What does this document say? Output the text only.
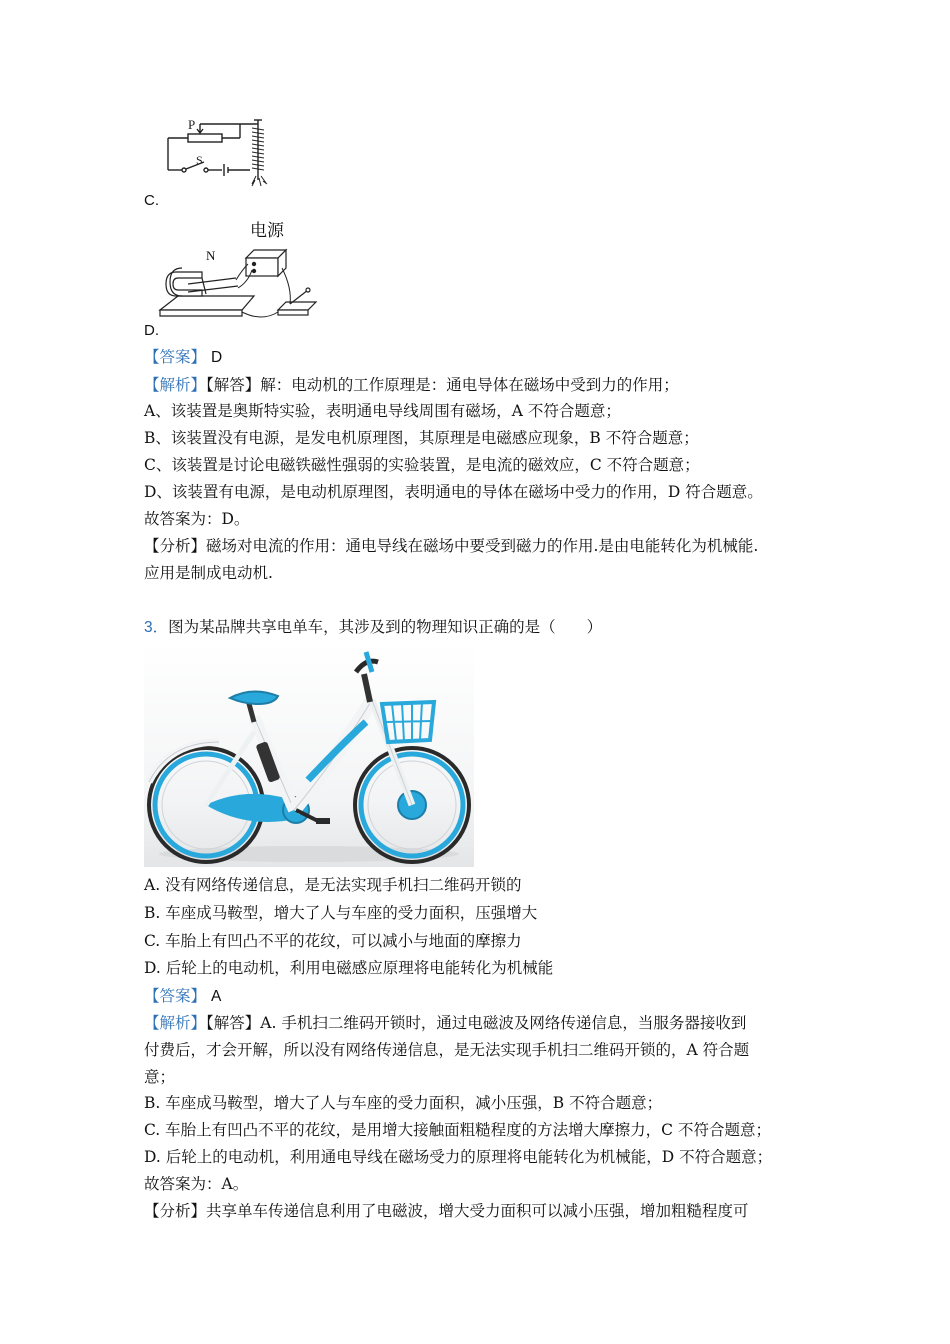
P
S
C.
电源
N
D.
【答案】 D
【解析】【解答】解：电动机的工作原理是：通电导体在磁场中受到力的作用；
A、该装置是奥斯特实验，表明通电导线周围有磁场，A 不符合题意；
B、该装置没有电源，是发电机原理图，其原理是电磁感应现象，B 不符合题意；
C、该装置是讨论电磁铁磁性强弱的实验装置，是电流的磁效应，C 不符合题意；
D、该装置有电源，是电动机原理图，表明通电的导体在磁场中受力的作用，D 符合题意。
故答案为：D。
【分析】磁场对电流的作用：通电导线在磁场中要受到磁力的作用.是由电能转化为机械能.
应用是制成电动机.
3．图为某品牌共享电单车，其涉及到的物理知识正确的是（　　）
A. 没有网络传递信息，是无法实现手机扫二维码开锁的
B. 车座成马鞍型，增大了人与车座的受力面积，压强增大
C. 车胎上有凹凸不平的花纹，可以减小与地面的摩擦力
D. 后轮上的电动机，利用电磁感应原理将电能转化为机械能
【答案】 A
【解析】【解答】A. 手机扫二维码开锁时，通过电磁波及网络传递信息，当服务器接收到
付费后，才会开解，所以没有网络传递信息，是无法实现手机扫二维码开锁的，A 符合题
意；
B. 车座成马鞍型，增大了人与车座的受力面积，减小压强，B 不符合题意；
C. 车胎上有凹凸不平的花纹，是用增大接触面粗糙程度的方法增大摩擦力，C 不符合题意；
D. 后轮上的电动机，利用通电导线在磁场受力的原理将电能转化为机械能，D 不符合题意；
故答案为：A。
【分析】共享单车传递信息利用了电磁波，增大受力面积可以减小压强，增加粗糙程度可
